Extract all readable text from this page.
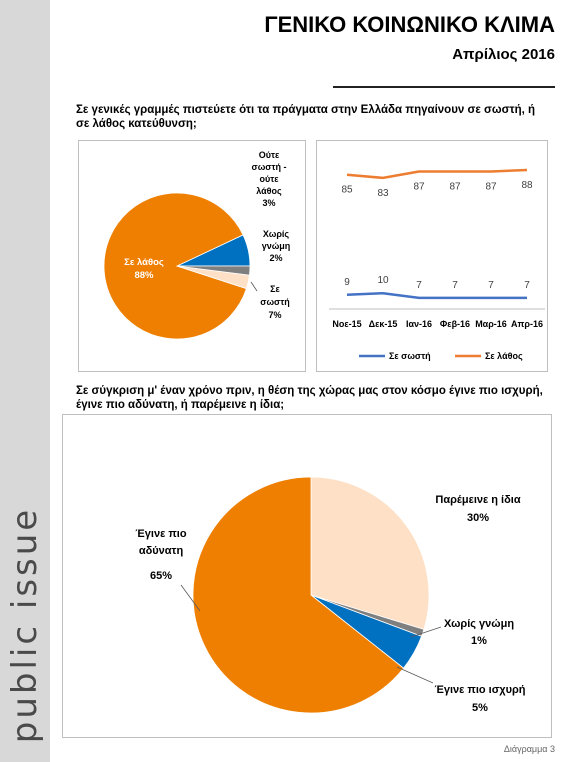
public issue
ΓΕΝΙΚΟ ΚΟΙΝΩΝΙΚΟ ΚΛΙΜΑ
Απρίλιος 2016
Σε γενικές γραμμές πιστεύετε ότι τα πράγματα στην Ελλάδα πηγαίνουν σε σωστή, ή σε λάθος κατεύθυνση;
Σε λάθος 88%
Ούτε σωστή -ούτε λάθος 3%
Χωρίς γνώμη 2%
Σε σωστή 7%
Νοε-15 Δεκ-15 Ιαν-16 Φεβ-16 Μαρ-16 Απρ-16
9	10	7	7	7	7
85 83
87 87 87 88
Σε σωστή	Σε λάθος
Σε σύγκριση μ' έναν χρόνο πριν, η θέση της χώρας μας στον κόσμο έγινε πιο ισχυρή, έγινε πιο αδύνατη, ή παρέμεινε η ίδια;
Παρέμεινε η ίδια 30%
Χωρίς γνώμη 1%
Έγινε πιο ισχυρή 5%
Έγινε πιο αδύνατη
65%
Διάγραμμα 3
